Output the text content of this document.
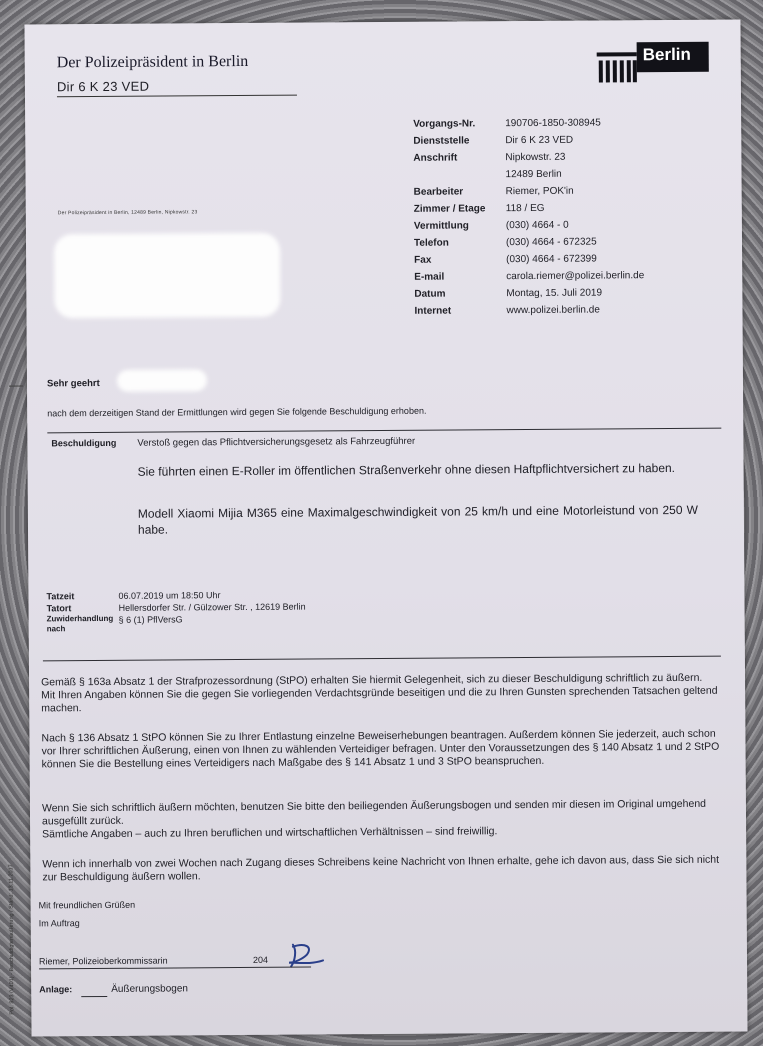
Der Polizeipräsident in Berlin
Dir 6 K 23 VED
Berlin
Vorgangs-Nr.	190706-1850-308945
Dienststelle	Dir 6 K 23 VED
Anschrift	Nipkowstr. 23
12489 Berlin
Bearbeiter	Riemer, POK'in
Zimmer / Etage	118 / EG
Vermittlung	(030) 4664 - 0
Telefon	(030) 4664 - 672325
Fax	(030) 4664 - 672399
E-mail	carola.riemer@polizei.berlin.de
Datum	Montag, 15. Juli 2019
Internet	www.polizei.berlin.de
Der Polizeipräsident in Berlin, 12489 Berlin, Nipkowstr. 23
Sehr geehrt
nach dem derzeitigen Stand der Ermittlungen wird gegen Sie folgende Beschuldigung erhoben.
Beschuldigung Verstoß gegen das Pflichtversicherungsgesetz als Fahrzeugführer
Sie führten einen E-Roller im öffentlichen Straßenverkehr ohne diesen Haftpflichtversichert zu haben.
Modell Xiaomi Mijia M365 eine Maximalgeschwindigkeit von 25 km/h und eine Motorleistund von 250 W habe.
Tatzeit	06.07.2019 um 18:50 Uhr
Tatort	Hellersdorfer Str. / Gülzower Str. , 12619 Berlin
Zuwiderhandlung nach
§ 6 (1) PflVersG
Gemäß § 163a Absatz 1 der Strafprozessordnung (StPO) erhalten Sie hiermit Gelegenheit, sich zu dieser Beschuldigung schriftlich zu äußern. Mit Ihren Angaben können Sie die gegen Sie vorliegenden Verdachtsgründe beseitigen und die zu Ihren Gunsten sprechenden Tatsachen geltend machen.
Nach § 136 Absatz 1 StPO können Sie zu Ihrer Entlastung einzelne Beweiserhebungen beantragen. Außerdem können Sie jederzeit, auch schon vor Ihrer schriftlichen Äußerung, einen von Ihnen zu wählenden Verteidiger befragen. Unter den Voraussetzungen des § 140 Absatz 1 und 2 StPO können Sie die Bestellung eines Verteidigers nach Maßgabe des § 141 Absatz 1 und 3 StPO beanspruchen.
Wenn Sie sich schriftlich äußern möchten, benutzen Sie bitte den beiliegenden Äußerungsbogen und senden mir diesen im Original umgehend ausgefüllt zurück.
Sämtliche Angaben – auch zu Ihren beruflichen und wirtschaftlichen Verhältnissen – sind freiwillig.
Wenn ich innerhalb von zwei Wochen nach Zugang dieses Schreibens keine Nachricht von Ihnen erhalte, gehe ich davon aus, dass Sie sich nicht zur Beschuldigung äußern wollen.
Mit freundlichen Grüßen
Im Auftrag
Riemer, Polizeioberkommissarin	204
Anlage:	Äußerungsbogen
Pol. 823 (V401) - Beschuldigtenäußerung / Stand: 13.11.2017
